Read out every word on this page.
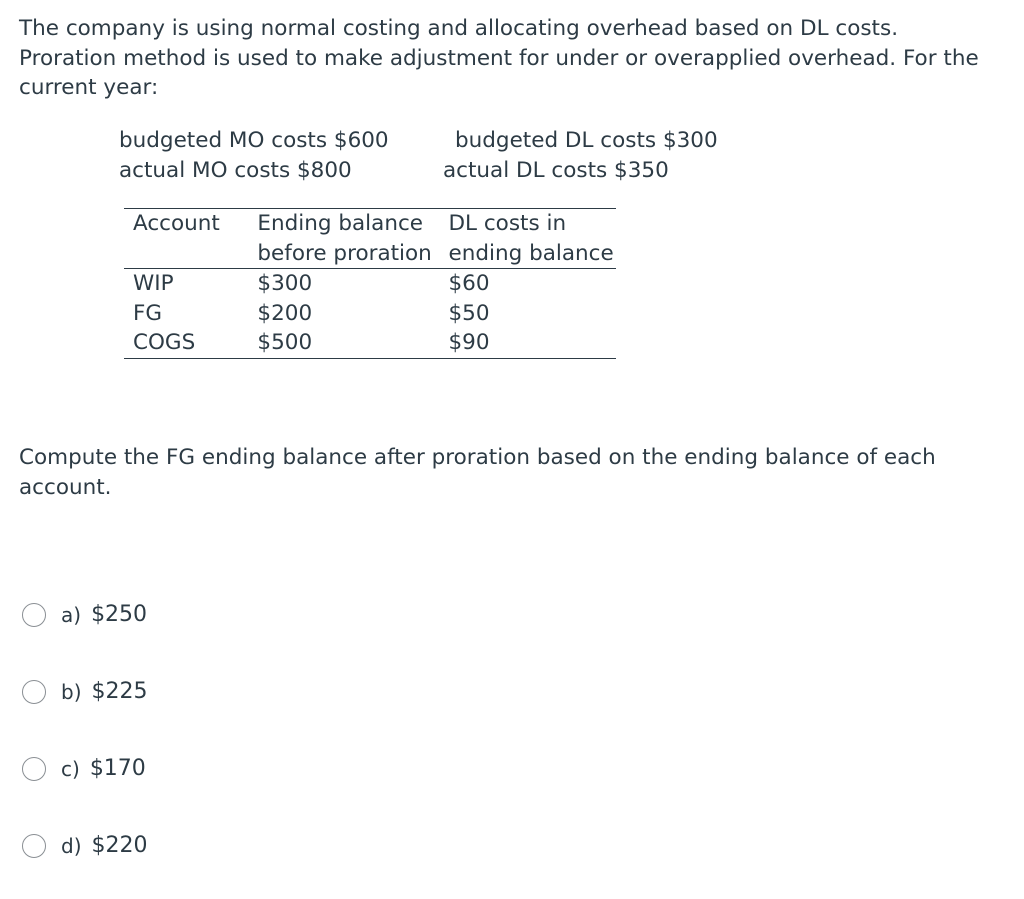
The company is using normal costing and allocating overhead based on DL costs. Proration method is used to make adjustment for under or overapplied overhead. For the current year:

budgeted MO costs $600
actual MO costs $800
budgeted DL costs $300
actual DL costs $350
Account	Ending balance before proration	DL costs in ending balance
WIP	$300	$60
FG	$200	$50
COGS	$500	$90

Compute the FG ending balance after proration based on the ending balance of each account.

a) $250
b) $225
c) $170
d) $220
